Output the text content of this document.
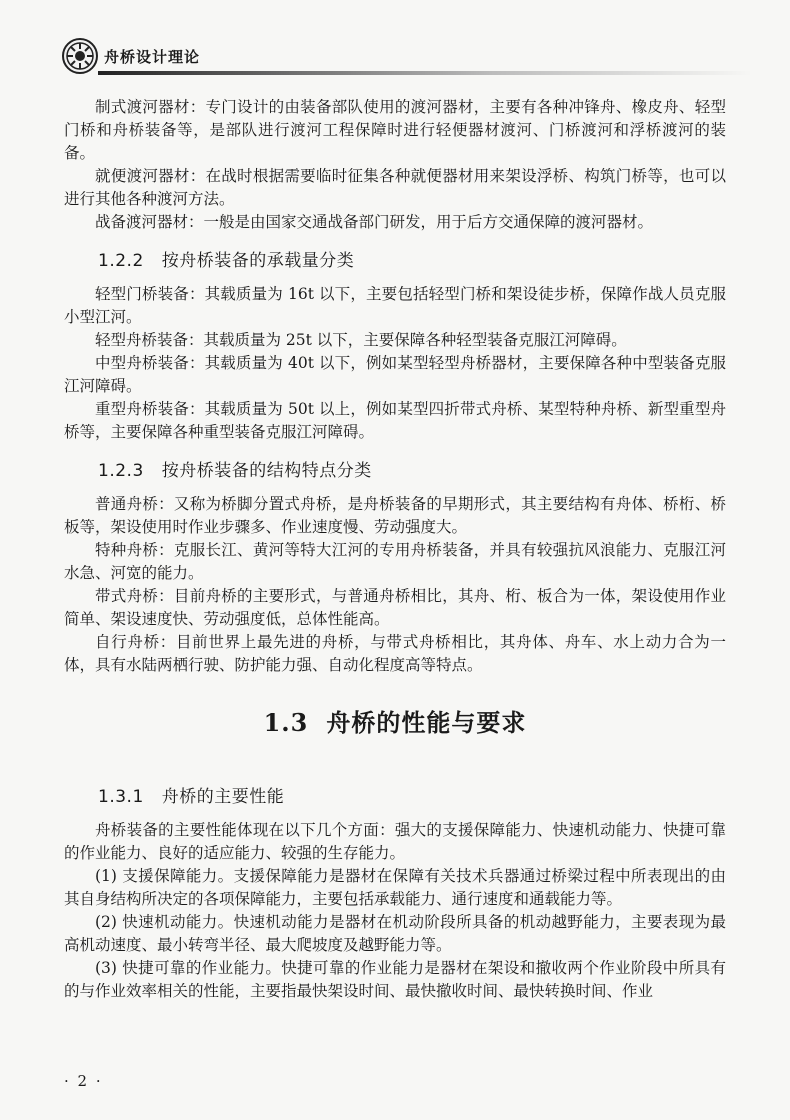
舟桥设计理论

制式渡河器材：专门设计的由装备部队使用的渡河器材，主要有各种冲锋舟、橡皮舟、轻型门桥和舟桥装备等，是部队进行渡河工程保障时进行轻便器材渡河、门桥渡河和浮桥渡河的装备。

就便渡河器材：在战时根据需要临时征集各种就便器材用来架设浮桥、构筑门桥等，也可以进行其他各种渡河方法。

战备渡河器材：一般是由国家交通战备部门研发，用于后方交通保障的渡河器材。

1.2.2 按舟桥装备的承载量分类

轻型门桥装备：其载质量为 16t 以下，主要包括轻型门桥和架设徒步桥，保障作战人员克服小型江河。

轻型舟桥装备：其载质量为 25t 以下，主要保障各种轻型装备克服江河障碍。

中型舟桥装备：其载质量为 40t 以下，例如某型轻型舟桥器材，主要保障各种中型装备克服江河障碍。

重型舟桥装备：其载质量为 50t 以上，例如某型四折带式舟桥、某型特种舟桥、新型重型舟桥等，主要保障各种重型装备克服江河障碍。

1.2.3 按舟桥装备的结构特点分类

普通舟桥：又称为桥脚分置式舟桥，是舟桥装备的早期形式，其主要结构有舟体、桥桁、桥板等，架设使用时作业步骤多、作业速度慢、劳动强度大。

特种舟桥：克服长江、黄河等特大江河的专用舟桥装备，并具有较强抗风浪能力、克服江河水急、河宽的能力。

带式舟桥：目前舟桥的主要形式，与普通舟桥相比，其舟、桁、板合为一体，架设使用作业简单、架设速度快、劳动强度低，总体性能高。

自行舟桥：目前世界上最先进的舟桥，与带式舟桥相比，其舟体、舟车、水上动力合为一体，具有水陆两栖行驶、防护能力强、自动化程度高等特点。

1.3 舟桥的性能与要求
1.3.1 舟桥的主要性能

舟桥装备的主要性能体现在以下几个方面：强大的支援保障能力、快速机动能力、快捷可靠的作业能力、良好的适应能力、较强的生存能力。

(1) 支援保障能力。支援保障能力是器材在保障有关技术兵器通过桥梁过程中所表现出的由其自身结构所决定的各项保障能力，主要包括承载能力、通行速度和通载能力等。

(2) 快速机动能力。快速机动能力是器材在机动阶段所具备的机动越野能力，主要表现为最高机动速度、最小转弯半径、最大爬坡度及越野能力等。

(3) 快捷可靠的作业能力。快捷可靠的作业能力是器材在架设和撤收两个作业阶段中所具有的与作业效率相关的性能，主要指最快架设时间、最快撤收时间、最快转换时间、作业

· 2 ·
